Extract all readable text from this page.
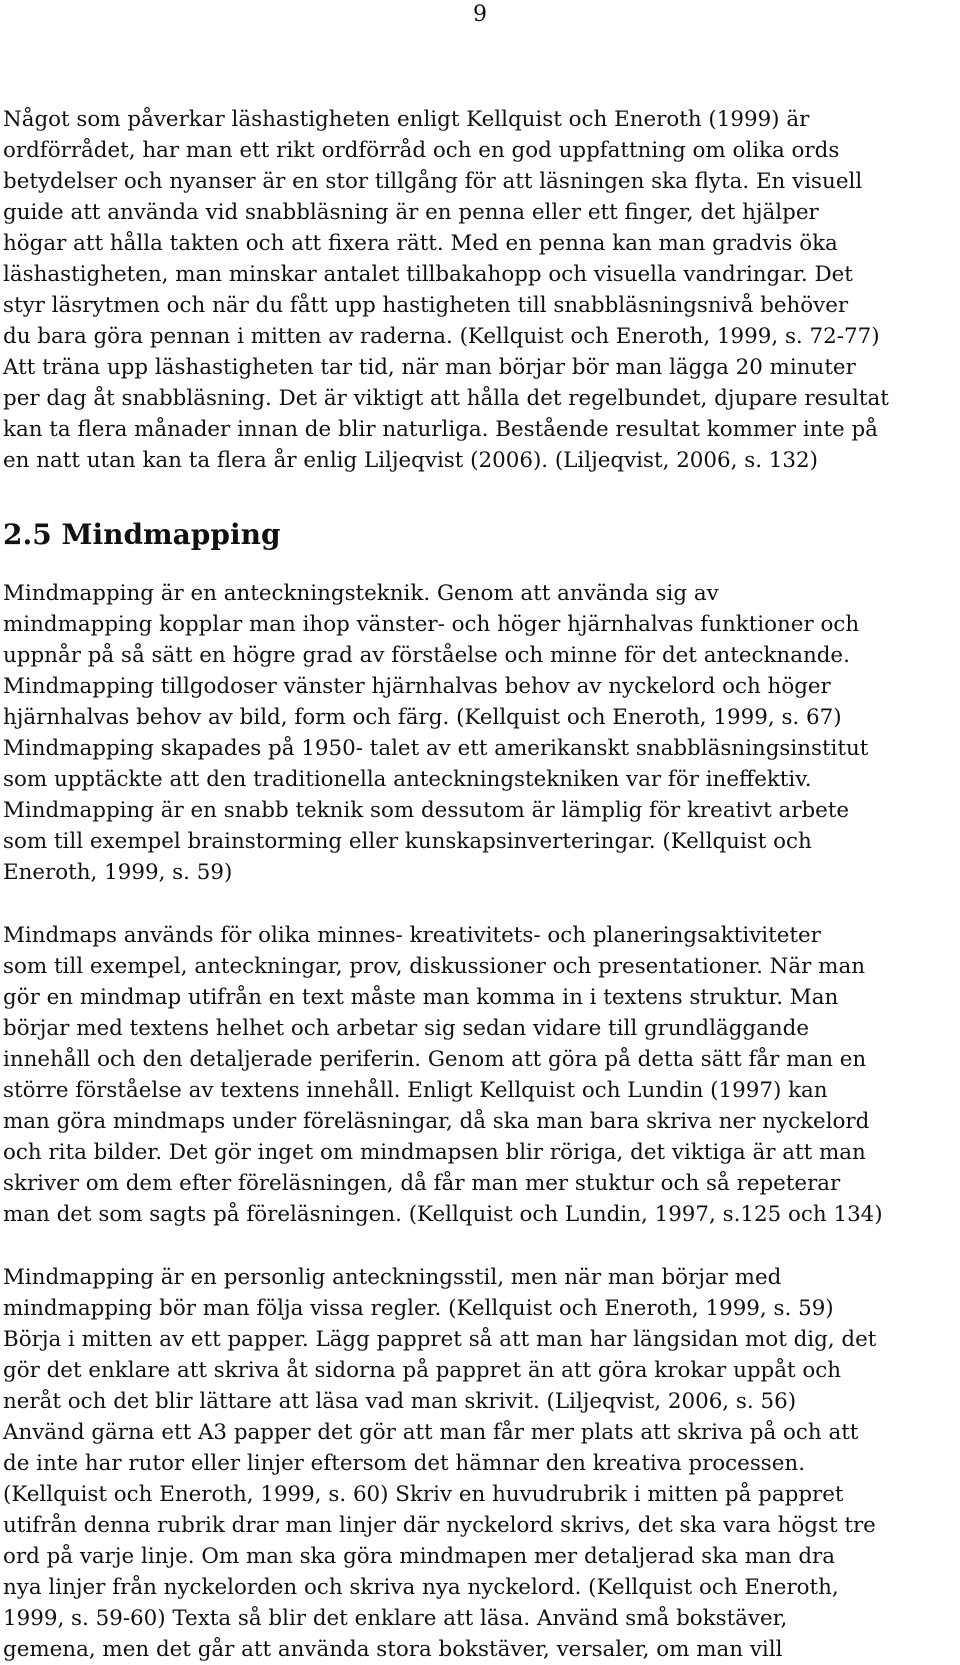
9

Något som påverkar läshastigheten enligt Kellquist och Eneroth (1999) är
ordförrådet, har man ett rikt ordförråd och en god uppfattning om olika ords
betydelser och nyanser är en stor tillgång för att läsningen ska flyta. En visuell
guide att använda vid snabbläsning är en penna eller ett finger, det hjälper
högar att hålla takten och att fixera rätt. Med en penna kan man gradvis öka
läshastigheten, man minskar antalet tillbakahopp och visuella vandringar. Det
styr läsrytmen och när du fått upp hastigheten till snabbläsningsnivå behöver
du bara göra pennan i mitten av raderna. (Kellquist och Eneroth, 1999, s. 72-77)
Att träna upp läshastigheten tar tid, när man börjar bör man lägga 20 minuter
per dag åt snabbläsning. Det är viktigt att hålla det regelbundet, djupare resultat
kan ta flera månader innan de blir naturliga. Bestående resultat kommer inte på
en natt utan kan ta flera år enlig Liljeqvist (2006). (Liljeqvist, 2006, s. 132)

2.5 Mindmapping

Mindmapping är en anteckningsteknik. Genom att använda sig av
mindmapping kopplar man ihop vänster- och höger hjärnhalvas funktioner och
uppnår på så sätt en högre grad av förståelse och minne för det antecknande.
Mindmapping tillgodoser vänster hjärnhalvas behov av nyckelord och höger
hjärnhalvas behov av bild, form och färg. (Kellquist och Eneroth, 1999, s. 67)
Mindmapping skapades på 1950- talet av ett amerikanskt snabbläsningsinstitut
som upptäckte att den traditionella anteckningstekniken var för ineffektiv.
Mindmapping är en snabb teknik som dessutom är lämplig för kreativt arbete
som till exempel brainstorming eller kunskapsinverteringar. (Kellquist och
Eneroth, 1999, s. 59)

Mindmaps används för olika minnes- kreativitets- och planeringsaktiviteter
som till exempel, anteckningar, prov, diskussioner och presentationer. När man
gör en mindmap utifrån en text måste man komma in i textens struktur. Man
börjar med textens helhet och arbetar sig sedan vidare till grundläggande
innehåll och den detaljerade periferin. Genom att göra på detta sätt får man en
större förståelse av textens innehåll. Enligt Kellquist och Lundin (1997) kan
man göra mindmaps under föreläsningar, då ska man bara skriva ner nyckelord
och rita bilder. Det gör inget om mindmapsen blir röriga, det viktiga är att man
skriver om dem efter föreläsningen, då får man mer stuktur och så repeterar
man det som sagts på föreläsningen. (Kellquist och Lundin, 1997, s.125 och 134)

Mindmapping är en personlig anteckningsstil, men när man börjar med
mindmapping bör man följa vissa regler. (Kellquist och Eneroth, 1999, s. 59)
Börja i mitten av ett papper. Lägg pappret så att man har längsidan mot dig, det
gör det enklare att skriva åt sidorna på pappret än att göra krokar uppåt och
neråt och det blir lättare att läsa vad man skrivit. (Liljeqvist, 2006, s. 56)
Använd gärna ett A3 papper det gör att man får mer plats att skriva på och att
de inte har rutor eller linjer eftersom det hämnar den kreativa processen.
(Kellquist och Eneroth, 1999, s. 60) Skriv en huvudrubrik i mitten på pappret
utifrån denna rubrik drar man linjer där nyckelord skrivs, det ska vara högst tre
ord på varje linje. Om man ska göra mindmapen mer detaljerad ska man dra
nya linjer från nyckelorden och skriva nya nyckelord. (Kellquist och Eneroth,
1999, s. 59-60) Texta så blir det enklare att läsa. Använd små bokstäver,
gemena, men det går att använda stora bokstäver, versaler, om man vill
